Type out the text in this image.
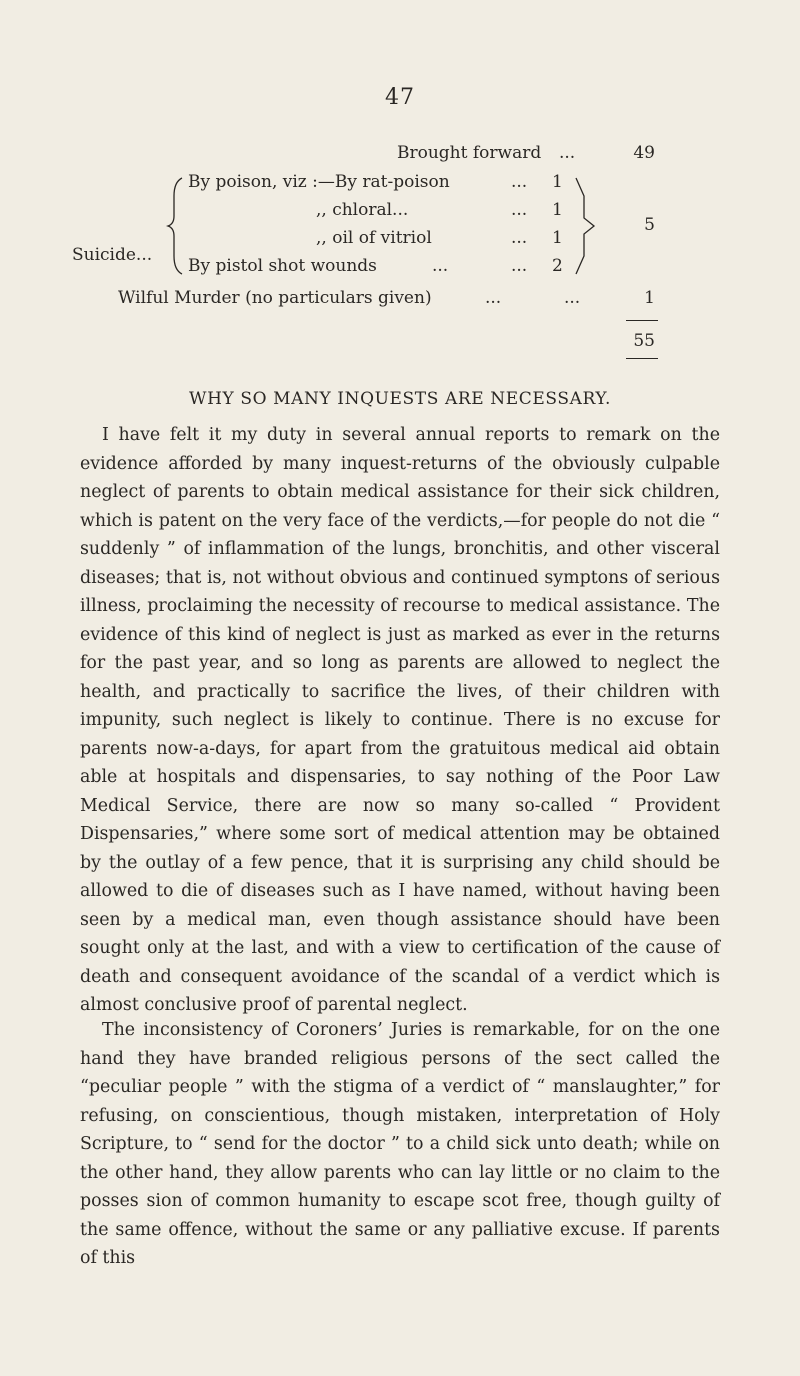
47
Brought forward ...	49
Suicide...
By poison, viz :—By rat-poison	... 1
,, chloral...	... 1
,, oil of vitriol	... 1
By pistol shot wounds	...	... 2
5
Wilful Murder (no particulars given)	...	...	1
55
WHY SO MANY INQUESTS ARE NECESSARY.

I have felt it my duty in several annual reports to remark on the evidence afforded by many inquest-returns of the obviously culpable neglect of parents to obtain medical assistance for their sick children, which is patent on the very face of the verdicts,—for people do not die “ suddenly ” of inflammation of the lungs, bronchitis, and other visceral diseases; that is, not without obvious and continued symptons of serious illness, proclaiming the necessity of recourse to medical assistance. The evidence of this kind of neglect is just as marked as ever in the returns for the past year, and so long as parents are allowed to neglect the health, and practically to sacrifice the lives, of their children with impunity, such neglect is likely to continue. There is no excuse for parents now-a-days, for apart from the gratuitous medical aid obtain able at hospitals and dispensaries, to say nothing of the Poor Law Medical Service, there are now so many so-called “ Provident Dispensaries,” where some sort of medical attention may be obtained by the outlay of a few pence, that it is surprising any child should be allowed to die of diseases such as I have named, without having been seen by a medical man, even though assistance should have been sought only at the last, and with a view to certification of the cause of death and consequent avoidance of the scandal of a verdict which is almost conclusive proof of parental neglect.

The inconsistency of Coroners’ Juries is remarkable, for on the one hand they have branded religious persons of the sect called the “peculiar people ” with the stigma of a verdict of “ manslaughter,” for refusing, on conscientious, though mistaken, interpretation of Holy Scripture, to “ send for the doctor ” to a child sick unto death; while on the other hand, they allow parents who can lay little or no claim to the posses sion of common humanity to escape scot free, though guilty of the same offence, without the same or any palliative excuse. If parents of this
